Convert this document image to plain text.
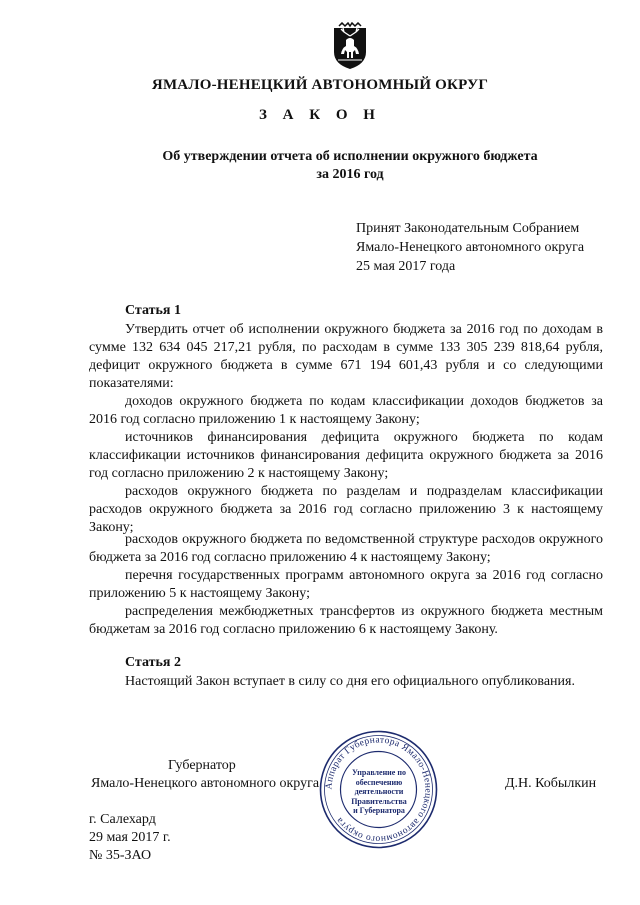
ЯМАЛО-НЕНЕЦКИЙ АВТОНОМНЫЙ ОКРУГ
З А К О Н
Об утверждении отчета об исполнении окружного бюджета
за 2016 год
Принят Законодательным Собранием
Ямало-Ненецкого автономного округа
25 мая 2017 года
Статья 1

Утвердить отчет об исполнении окружного бюджета за 2016 год по доходам в сумме 132 634 045 217,21 рубля, по расходам в сумме 133 305 239 818,64 рубля, дефицит окружного бюджета в сумме 671 194 601,43 рубля и со следующими показателями:

доходов окружного бюджета по кодам классификации доходов бюджетов за 2016 год согласно приложению 1 к настоящему Закону;

источников финансирования дефицита окружного бюджета по кодам классификации источников финансирования дефицита окружного бюджета за 2016 год согласно приложению 2 к настоящему Закону;

расходов окружного бюджета по разделам и подразделам классификации расходов окружного бюджета за 2016 год согласно приложению 3 к настоящему Закону;

расходов окружного бюджета по ведомственной структуре расходов окружного бюджета за 2016 год согласно приложению 4 к настоящему Закону;

перечня государственных программ автономного округа за 2016 год согласно приложению 5 к настоящему Закону;

распределения межбюджетных трансфертов из окружного бюджета местным бюджетам за 2016 год согласно приложению 6 к настоящему Закону.

Статья 2

Настоящий Закон вступает в силу со дня его официального опубликования.

Губернатор
Ямало-Ненецкого автономного округа	Д.Н. Кобылкин
Аппарат Губернатора Ямало-Ненецкого автономного округа
Управление по
обеспечению
деятельности
Правительства
и Губернатора
г. Салехард
29 мая 2017 г.
№ 35-ЗАО
